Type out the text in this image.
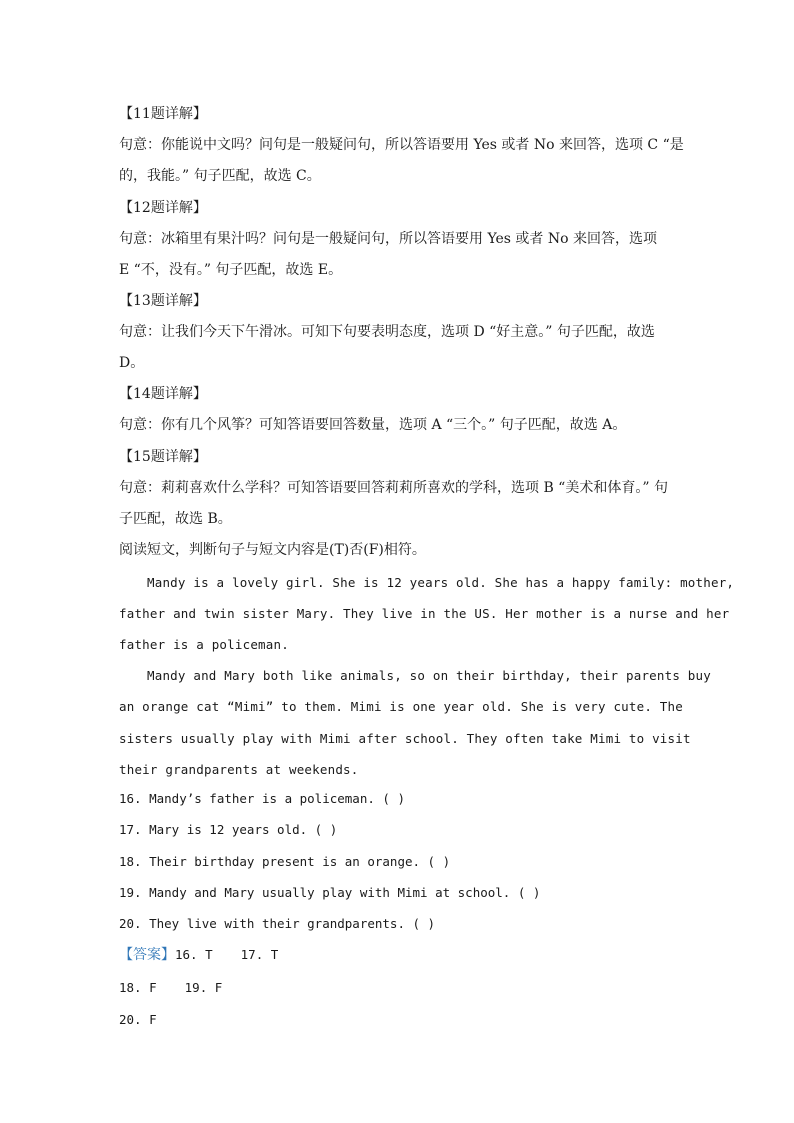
【11题详解】
句意：你能说中文吗？问句是一般疑问句，所以答语要用 Yes 或者 No 来回答，选项 C “是
的，我能。” 句子匹配，故选 C。
【12题详解】
句意：冰箱里有果汁吗？问句是一般疑问句，所以答语要用 Yes 或者 No 来回答，选项
E “不，没有。” 句子匹配，故选 E。
【13题详解】
句意：让我们今天下午滑冰。可知下句要表明态度，选项 D “好主意。” 句子匹配，故选
D。
【14题详解】
句意：你有几个风筝？可知答语要回答数量，选项 A “三个。” 句子匹配，故选 A。
【15题详解】
句意：莉莉喜欢什么学科？可知答语要回答莉莉所喜欢的学科，选项 B “美术和体育。” 句
子匹配，故选 B。
阅读短文，判断句子与短文内容是(T)否(F)相符。
Mandy is a lovely girl. She is 12 years old. She has a happy family: mother,
father and twin sister Mary. They live in the US. Her mother is a nurse and her
father is a policeman.
Mandy and Mary both like animals, so on their birthday, their parents buy
an orange cat “Mimi” to them. Mimi is one year old. She is very cute. The
sisters usually play with Mimi after school. They often take Mimi to visit
their grandparents at weekends.
16. Mandy’s father is a policeman. ( )
17. Mary is 12 years old. ( )
18. Their birthday present is an orange. ( )
19. Mandy and Mary usually play with Mimi at school. ( )
20. They live with their grandparents. ( )
【答案】16. T 17. T
18. F 19. F
20. F
